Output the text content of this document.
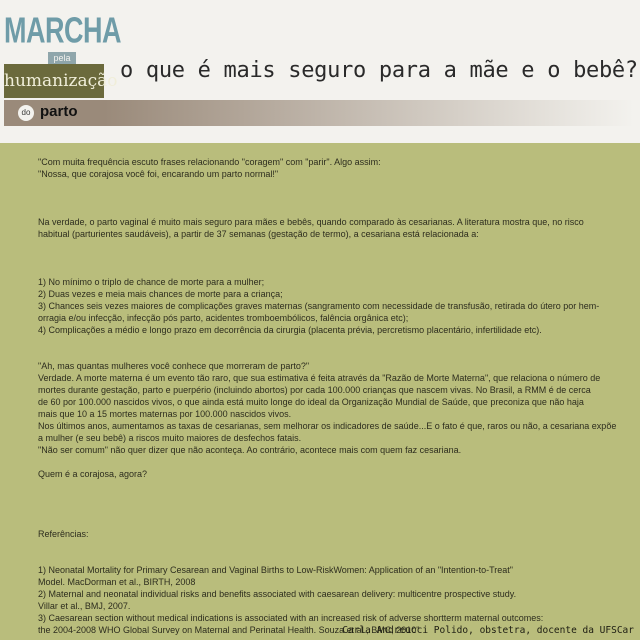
MARCHA
pela
humanização
do parto
o que é mais seguro para a mãe e o bebê?

"Com muita frequência escuto frases relacionando "coragem" com "parir". Algo assim:

"Nossa, que corajosa você foi, encarando um parto normal!"

Na verdade, o parto vaginal é muito mais seguro para mães e bebês, quando comparado às cesarianas. A literatura mostra que, no risco

habitual (parturientes saudáveis), a partir de 37 semanas (gestação de termo), a cesariana está relacionada a:

1) No mínimo o triplo de chance de morte para a mulher;

2) Duas vezes e meia mais chances de morte para a criança;

3) Chances seis vezes maiores de complicações graves maternas (sangramento com necessidade de transfusão, retirada do útero por hem-

orragia e/ou infecção, infecção pós parto, acidentes tromboembólicos, falência orgânica etc);

4) Complicações a médio e longo prazo em decorrência da cirurgia (placenta prévia, percretismo placentário, infertilidade etc).

"Ah, mas quantas mulheres você conhece que morreram de parto?"

Verdade. A morte materna é um evento tão raro, que sua estimativa é feita através da "Razão de Morte Materna", que relaciona o número de

mortes durante gestação, parto e puerpério (incluindo abortos) por cada 100.000 crianças que nascem vivas. No Brasil, a RMM é de cerca

de 60 por 100.000 nascidos vivos, o que ainda está muito longe do ideal da Organização Mundial de Saúde, que preconiza que não haja

mais que 10 a 15 mortes maternas por 100.000 nascidos vivos.

Nos últimos anos, aumentamos as taxas de cesarianas, sem melhorar os indicadores de saúde...E o fato é que, raros ou não, a cesariana expõe

a mulher (e seu bebê) a riscos muito maiores de desfechos fatais.

"Não ser comum" não quer dizer que não aconteça. Ao contrário, acontece mais com quem faz cesariana.

Quem é a corajosa, agora?

Referências:

1) Neonatal Mortality for Primary Cesarean and Vaginal Births to Low-RiskWomen: Application of an "Intention-to-Treat"

Model. MacDorman et al., BIRTH, 2008

2) Maternal and neonatal individual risks and benefits associated with caesarean delivery: multicentre prospective study.

Villar et al., BMJ, 2007.

3) Caesarean section without medical indications is associated with an increased risk of adverse shortterm maternal outcomes:

the 2004-2008 WHO Global Survey on Maternal and Perinatal Health. Souza et al., BMC, 2010"

Carla Andreucci Polido, obstetra, docente da UFSCar
